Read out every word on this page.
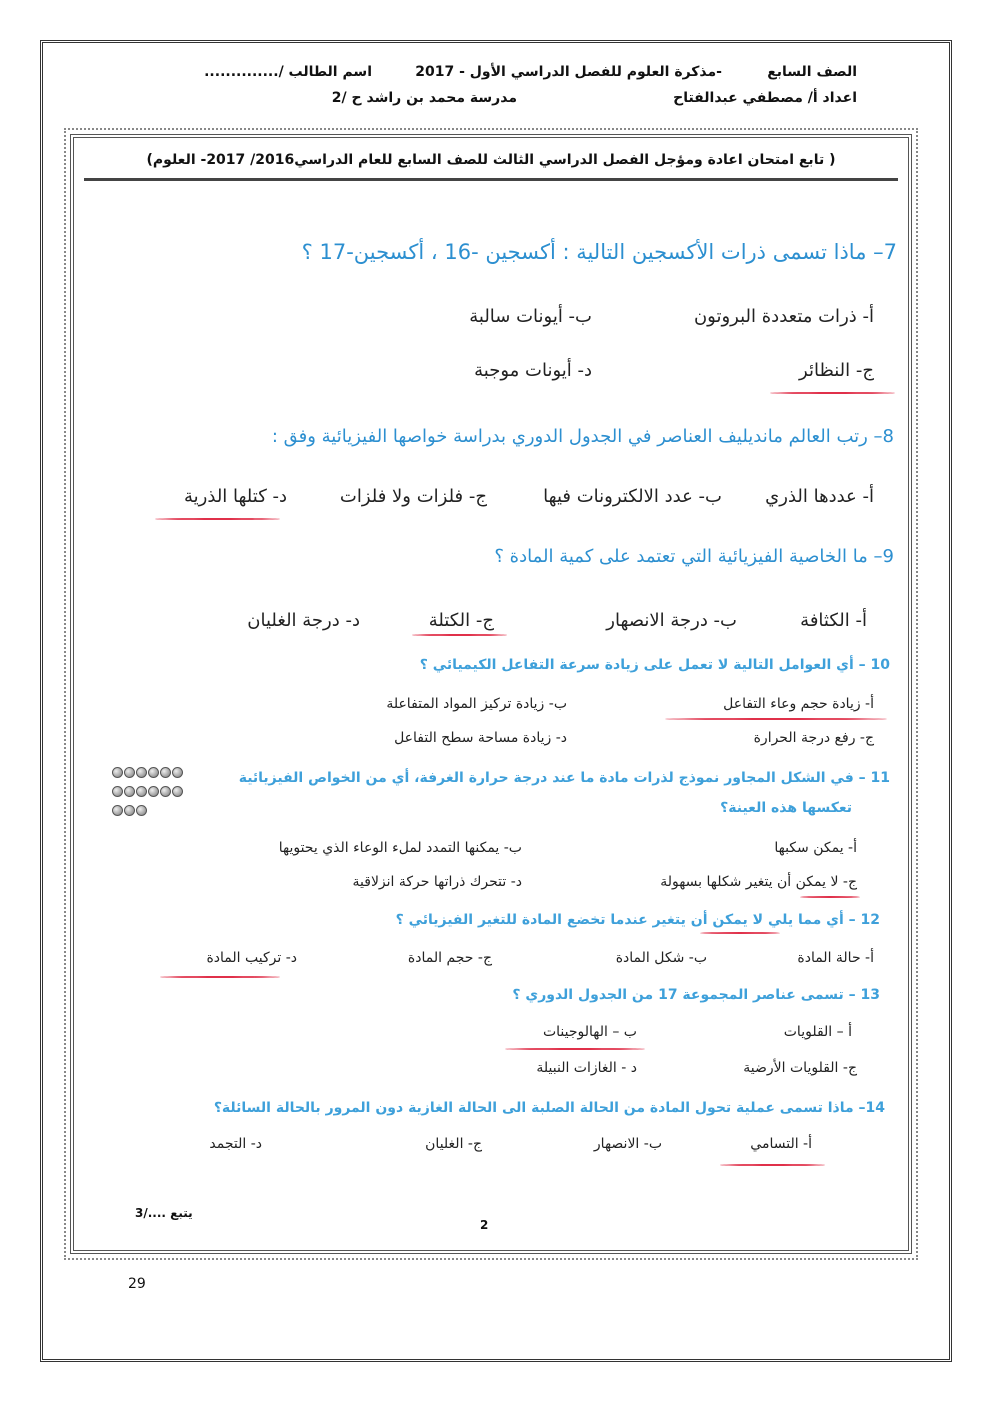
الصف السابع
-مذكرة العلوم للفصل الدراسي الأول - 2017
اسم الطالب /..............
اعداد أ/ مصطفي عبدالفتاح
مدرسة محمد بن راشد ح /2
( تابع امتحان اعادة ومؤجل الفصل الدراسي الثالث للصف السابع للعام الدراسي2016/ 2017- العلوم)
7– ماذا تسمى ذرات الأكسجين التالية : أكسجين -16 ، أكسجين-17 ؟
أ- ذرات متعددة البروتون
ب- أيونات سالبة
ج- النظائر
د- أيونات موجبة
8– رتب العالم مانديليف العناصر في الجدول الدوري بدراسة خواصها الفيزيائية وفق :
أ- عددها الذري
ب- عدد الالكترونات فيها
ج- فلزات ولا فلزات
د- كتلها الذرية
9– ما الخاصية الفيزيائية التي تعتمد على كمية المادة ؟
أ- الكثافة
ب- درجة الانصهار
ج- الكتلة
د- درجة الغليان
10 – أي العوامل التالية لا تعمل على زيادة سرعة التفاعل الكيميائي ؟
أ- زيادة حجم وعاء التفاعل
ب- زيادة تركيز المواد المتفاعلة
ج- رفع درجة الحرارة
د- زيادة مساحة سطح التفاعل
11 – في الشكل المجاور نموذج لذرات مادة ما عند درجة حرارة الغرفة، أي من الخواص الفيزيائية
تعكسها هذه العينة؟
أ- يمكن سكبها
ب- يمكنها التمدد لملء الوعاء الذي يحتويها
ج- لا يمكن أن يتغير شكلها بسهولة
د- تتحرك ذراتها حركة انزلاقية
12 – أي مما يلي لا يمكن أن يتغير عندما تخضع المادة للتغير الفيزيائي ؟
أ- حالة المادة
ب- شكل المادة
ج- حجم المادة
د- تركيب المادة
13 – تسمى عناصر المجموعة 17 من الجدول الدوري ؟
أ – القلويات
ب – الهالوجينات
ج- القلويات الأرضية
د - الغازات النبيلة
14– ماذا تسمى عملية تحول المادة من الحالة الصلبة الى الحالة الغازية دون المرور بالحالة السائلة؟
أ- التسامي
ب- الانصهار
ج- الغليان
د- التجمد
يتبع ..../3
2
29
